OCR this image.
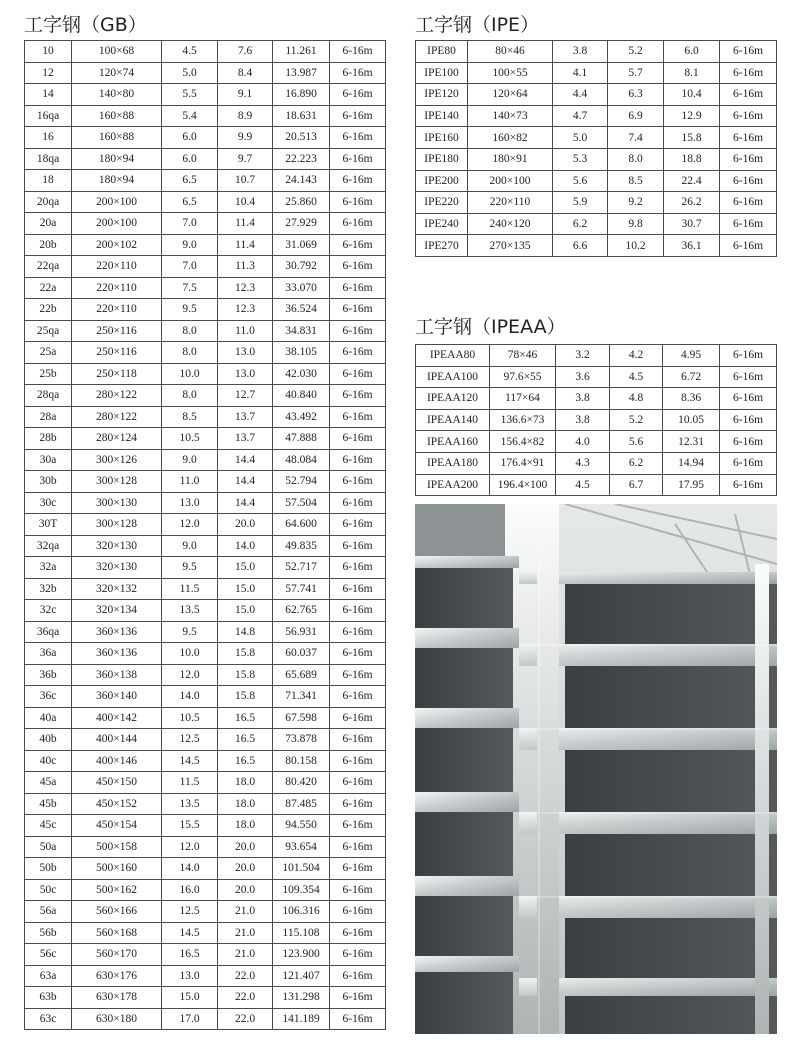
工字钢（GB）
10	100×68	4.5	7.6	11.261	6-16m
12	120×74	5.0	8.4	13.987	6-16m
14	140×80	5.5	9.1	16.890	6-16m
16qa	160×88	5.4	8.9	18.631	6-16m
16	160×88	6.0	9.9	20.513	6-16m
18qa	180×94	6.0	9.7	22.223	6-16m
18	180×94	6.5	10.7	24.143	6-16m
20qa	200×100	6.5	10.4	25.860	6-16m
20a	200×100	7.0	11.4	27.929	6-16m
20b	200×102	9.0	11.4	31.069	6-16m
22qa	220×110	7.0	11.3	30.792	6-16m
22a	220×110	7.5	12.3	33.070	6-16m
22b	220×110	9.5	12.3	36.524	6-16m
25qa	250×116	8.0	11.0	34.831	6-16m
25a	250×116	8.0	13.0	38.105	6-16m
25b	250×118	10.0	13.0	42.030	6-16m
28qa	280×122	8.0	12.7	40.840	6-16m
28a	280×122	8.5	13.7	43.492	6-16m
28b	280×124	10.5	13.7	47.888	6-16m
30a	300×126	9.0	14.4	48.084	6-16m
30b	300×128	11.0	14.4	52.794	6-16m
30c	300×130	13.0	14.4	57.504	6-16m
30T	300×128	12.0	20.0	64.600	6-16m
32qa	320×130	9.0	14.0	49.835	6-16m
32a	320×130	9.5	15.0	52.717	6-16m
32b	320×132	11.5	15.0	57.741	6-16m
32c	320×134	13.5	15.0	62.765	6-16m
36qa	360×136	9.5	14.8	56.931	6-16m
36a	360×136	10.0	15.8	60.037	6-16m
36b	360×138	12.0	15.8	65.689	6-16m
36c	360×140	14.0	15.8	71.341	6-16m
40a	400×142	10.5	16.5	67.598	6-16m
40b	400×144	12.5	16.5	73.878	6-16m
40c	400×146	14.5	16.5	80.158	6-16m
45a	450×150	11.5	18.0	80.420	6-16m
45b	450×152	13.5	18.0	87.485	6-16m
45c	450×154	15.5	18.0	94.550	6-16m
50a	500×158	12.0	20.0	93.654	6-16m
50b	500×160	14.0	20.0	101.504	6-16m
50c	500×162	16.0	20.0	109.354	6-16m
56a	560×166	12.5	21.0	106.316	6-16m
56b	560×168	14.5	21.0	115.108	6-16m
56c	560×170	16.5	21.0	123.900	6-16m
63a	630×176	13.0	22.0	121.407	6-16m
63b	630×178	15.0	22.0	131.298	6-16m
63c	630×180	17.0	22.0	141.189	6-16m
工字钢（IPE）
IPE80	80×46	3.8	5.2	6.0	6-16m
IPE100	100×55	4.1	5.7	8.1	6-16m
IPE120	120×64	4.4	6.3	10.4	6-16m
IPE140	140×73	4.7	6.9	12.9	6-16m
IPE160	160×82	5.0	7.4	15.8	6-16m
IPE180	180×91	5.3	8.0	18.8	6-16m
IPE200	200×100	5.6	8.5	22.4	6-16m
IPE220	220×110	5.9	9.2	26.2	6-16m
IPE240	240×120	6.2	9.8	30.7	6-16m
IPE270	270×135	6.6	10.2	36.1	6-16m
工字钢（IPEAA）
IPEAA80	78×46	3.2	4.2	4.95	6-16m
IPEAA100	97.6×55	3.6	4.5	6.72	6-16m
IPEAA120	117×64	3.8	4.8	8.36	6-16m
IPEAA140	136.6×73	3.8	5.2	10.05	6-16m
IPEAA160	156.4×82	4.0	5.6	12.31	6-16m
IPEAA180	176.4×91	4.3	6.2	14.94	6-16m
IPEAA200	196.4×100	4.5	6.7	17.95	6-16m
